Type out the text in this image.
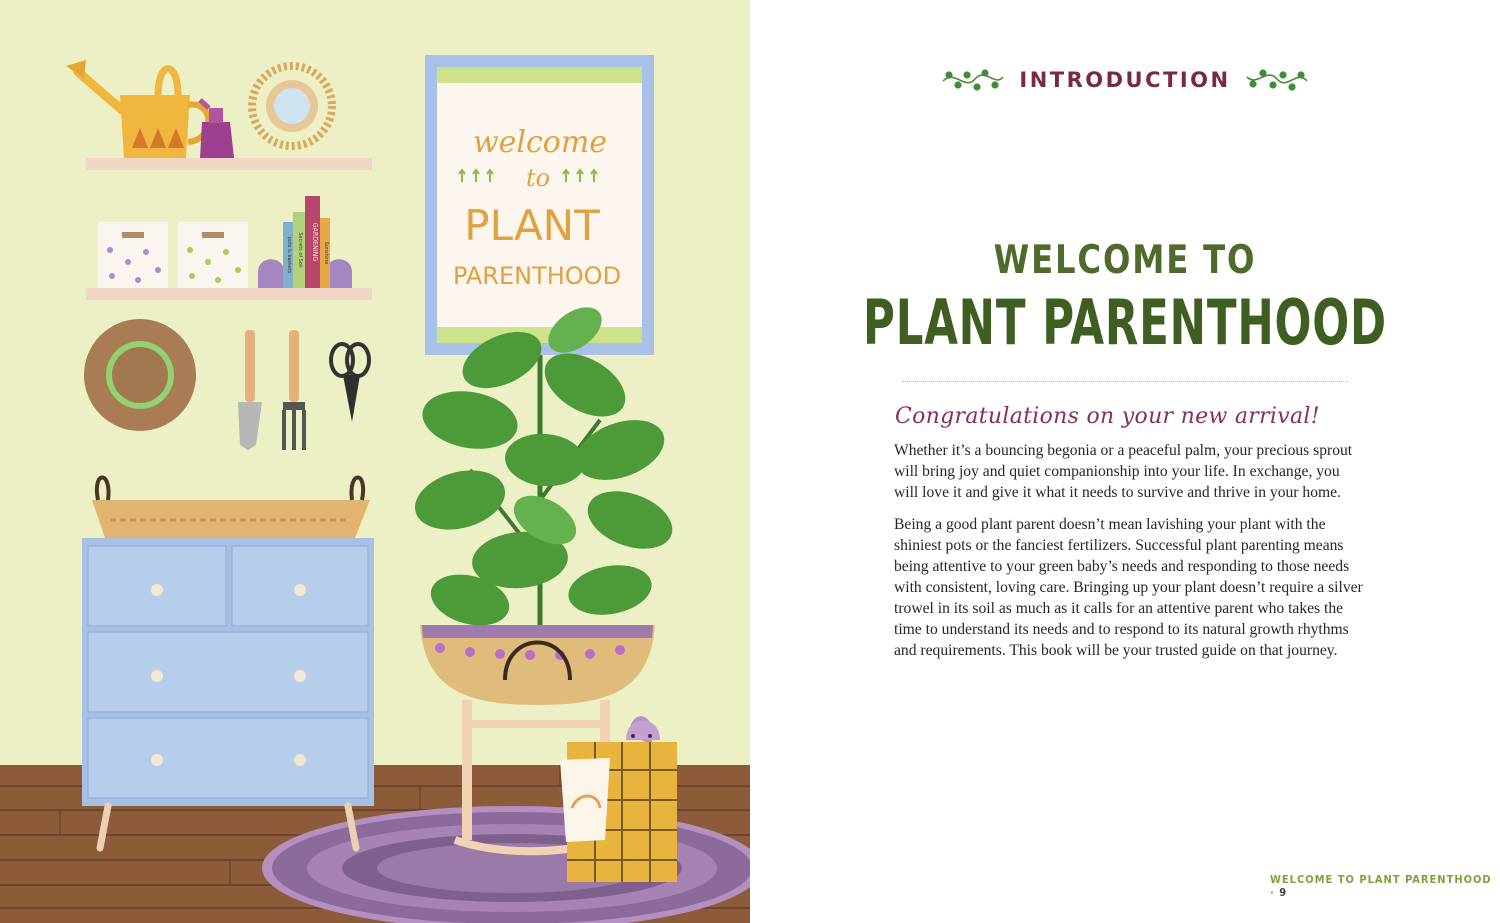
welcome
to
PLANT
PARENTHOOD
GARDENING
Secrets of Soil
pots & baskets	Sunshine
INTRODUCTION
WELCOME TO
PLANT PARENTHOOD
Congratulations on your new arrival!

Whether it’s a bouncing begonia or a peaceful palm, your precious sprout will bring joy and quiet companionship into your life. In exchange, you will love it and give it what it needs to survive and thrive in your home.

Being a good plant parent doesn’t mean lavishing your plant with the shiniest pots or the fanciest fertilizers. Successful plant parenting means being attentive to your green baby’s needs and responding to those needs with consistent, loving care. Bringing up your plant doesn’t require a silver trowel in its soil as much as it calls for an attentive parent who takes the time to understand its needs and to respond to its natural growth rhythms and requirements. This book will be your trusted guide on that journey.

WELCOME TO PLANT PARENTHOOD · 9
